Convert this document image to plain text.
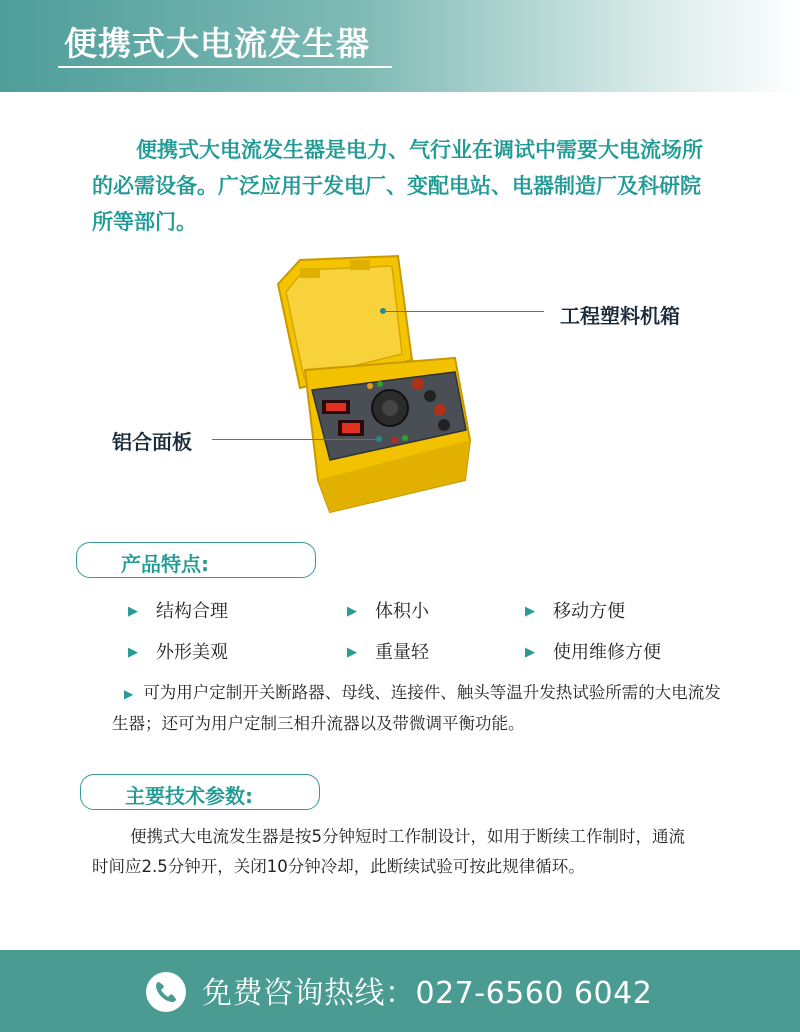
便携式大电流发生器
便携式大电流发生器是电力、气行业在调试中需要大电流场所的必需设备。广泛应用于发电厂、变配电站、电器制造厂及科研院所等部门。
工程塑料机箱
铝合面板
产品特点:
▶ 结构合理	▶ 体积小	▶ 移动方便
▶ 外形美观	▶ 重量轻	▶ 使用维修方便
▶ 可为用户定制开关断路器、母线、连接件、触头等温升发热试验所需的大电流发生器；还可为用户定制三相升流器以及带微调平衡功能。
主要技术参数:
便携式大电流发生器是按5分钟短时工作制设计，如用于断续工作制时，通流时间应2.5分钟开，关闭10分钟冷却，此断续试验可按此规律循环。
免费咨询热线：027-6560 6042
